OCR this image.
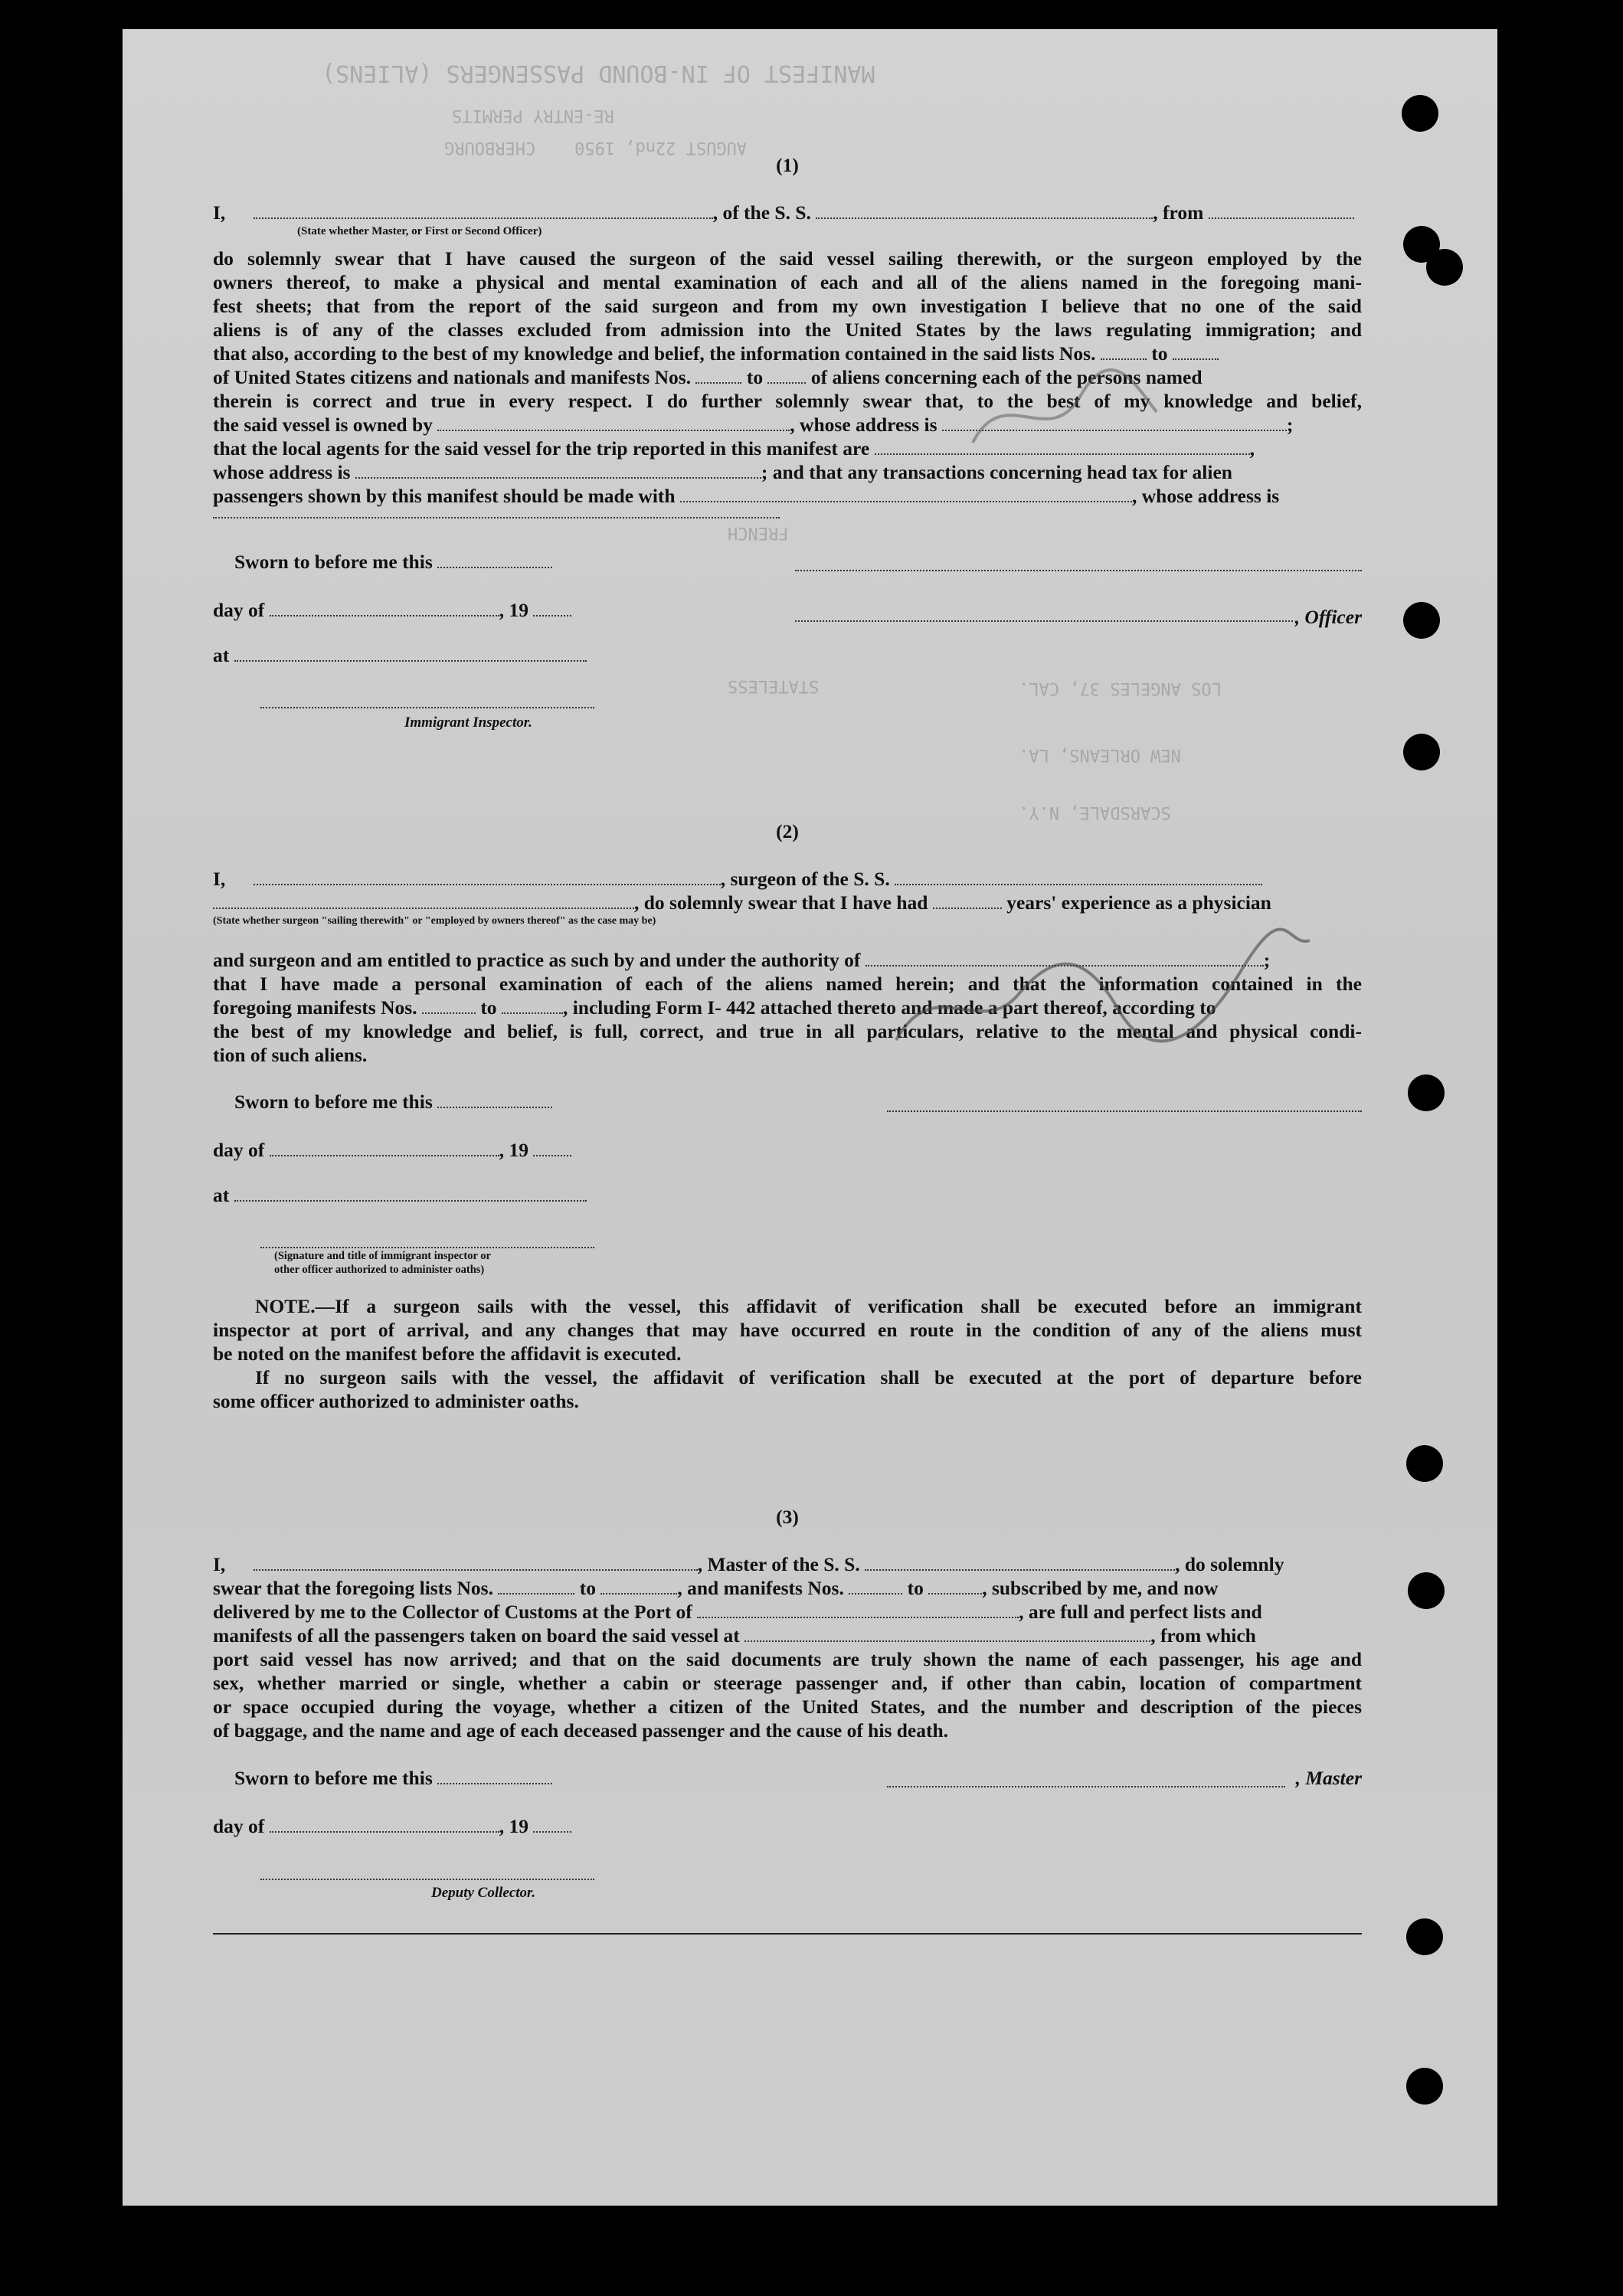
MANIFEST OF IN-BOUND PASSENGERS (ALIENS)
RE-ENTRY PERMITS
AUGUST 22nd, 1950
CHERBOURG
FRENCH
STATELESS
NEW ORLEANS, LA.
LOS ANGELES 37, CAL.
SCARSDALE, N.Y.
(1)
I,	, of the S. S.	, from
(State whether Master, or First or Second Officer)
do solemnly swear that I have caused the surgeon of the said vessel sailing therewith, or the surgeon employed by the
owners thereof, to make a physical and mental examination of each and all of the aliens named in the foregoing mani-
fest sheets; that from the report of the said surgeon and from my own investigation I believe that no one of the said
aliens is of any of the classes excluded from admission into the United States by the laws regulating immigration; and
that also, according to the best of my knowledge and belief, the information contained in the said lists Nos.	to
of United States citizens and nationals and manifests Nos.	to of aliens concerning each of the persons named
therein is correct and true in every respect. I do further solemnly swear that, to the best of my knowledge and belief,
the said vessel is owned by	, whose address is	;
that the local agents for the said vessel for the trip reported in this manifest are	,
whose address is	; and that any transactions concerning head tax for alien
passengers shown by this manifest should be made with	, whose address is
Sworn to before me this
day of	, 19	, Officer
at
Immigrant Inspector.
(2)
I,	, surgeon of the S. S.
, do solemnly swear that I have had	years' experience as a physician
(State whether surgeon "sailing therewith" or "employed by owners thereof" as the case may be)
and surgeon and am entitled to practice as such by and under the authority of	;
that I have made a personal examination of each of the aliens named herein; and that the information contained in the
foregoing manifests Nos.	to	, including Form I- 442 attached thereto and made a part thereof, according to
the best of my knowledge and belief, is full, correct, and true in all particulars, relative to the mental and physical condi-
tion of such aliens.
Sworn to before me this
day of	, 19
at
(Signature and title of immigrant inspector or
other officer authorized to administer oaths)
NOTE.—If a surgeon sails with the vessel, this affidavit of verification shall be executed before an immigrant
inspector at port of arrival, and any changes that may have occurred en route in the condition of any of the aliens must
be noted on the manifest before the affidavit is executed.
If no surgeon sails with the vessel, the affidavit of verification shall be executed at the port of departure before
some officer authorized to administer oaths.
(3)
I,	, Master of the S. S.	, do solemnly
swear that the foregoing lists Nos.	to	, and manifests Nos.	to	, subscribed by me, and now
delivered by me to the Collector of Customs at the Port of	, are full and perfect lists and
manifests of all the passengers taken on board the said vessel at	, from which
port said vessel has now arrived; and that on the said documents are truly shown the name of each passenger, his age and
sex, whether married or single, whether a cabin or steerage passenger and, if other than cabin, location of compartment
or space occupied during the voyage, whether a citizen of the United States, and the number and description of the pieces
of baggage, and the name and age of each deceased passenger and the cause of his death.
Sworn to before me this	, Master
day of	, 19
Deputy Collector.
